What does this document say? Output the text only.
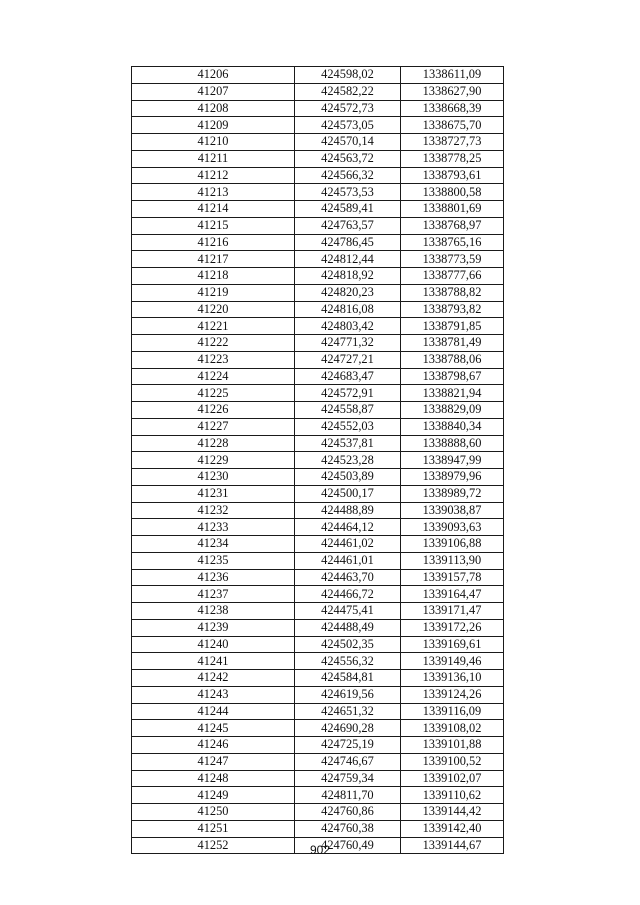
41206	424598,02	1338611,09
41207	424582,22	1338627,90
41208	424572,73	1338668,39
41209	424573,05	1338675,70
41210	424570,14	1338727,73
41211	424563,72	1338778,25
41212	424566,32	1338793,61
41213	424573,53	1338800,58
41214	424589,41	1338801,69
41215	424763,57	1338768,97
41216	424786,45	1338765,16
41217	424812,44	1338773,59
41218	424818,92	1338777,66
41219	424820,23	1338788,82
41220	424816,08	1338793,82
41221	424803,42	1338791,85
41222	424771,32	1338781,49
41223	424727,21	1338788,06
41224	424683,47	1338798,67
41225	424572,91	1338821,94
41226	424558,87	1338829,09
41227	424552,03	1338840,34
41228	424537,81	1338888,60
41229	424523,28	1338947,99
41230	424503,89	1338979,96
41231	424500,17	1338989,72
41232	424488,89	1339038,87
41233	424464,12	1339093,63
41234	424461,02	1339106,88
41235	424461,01	1339113,90
41236	424463,70	1339157,78
41237	424466,72	1339164,47
41238	424475,41	1339171,47
41239	424488,49	1339172,26
41240	424502,35	1339169,61
41241	424556,32	1339149,46
41242	424584,81	1339136,10
41243	424619,56	1339124,26
41244	424651,32	1339116,09
41245	424690,28	1339108,02
41246	424725,19	1339101,88
41247	424746,67	1339100,52
41248	424759,34	1339102,07
41249	424811,70	1339110,62
41250	424760,86	1339144,42
41251	424760,38	1339142,40
41252	424760,49	1339144,67
902
